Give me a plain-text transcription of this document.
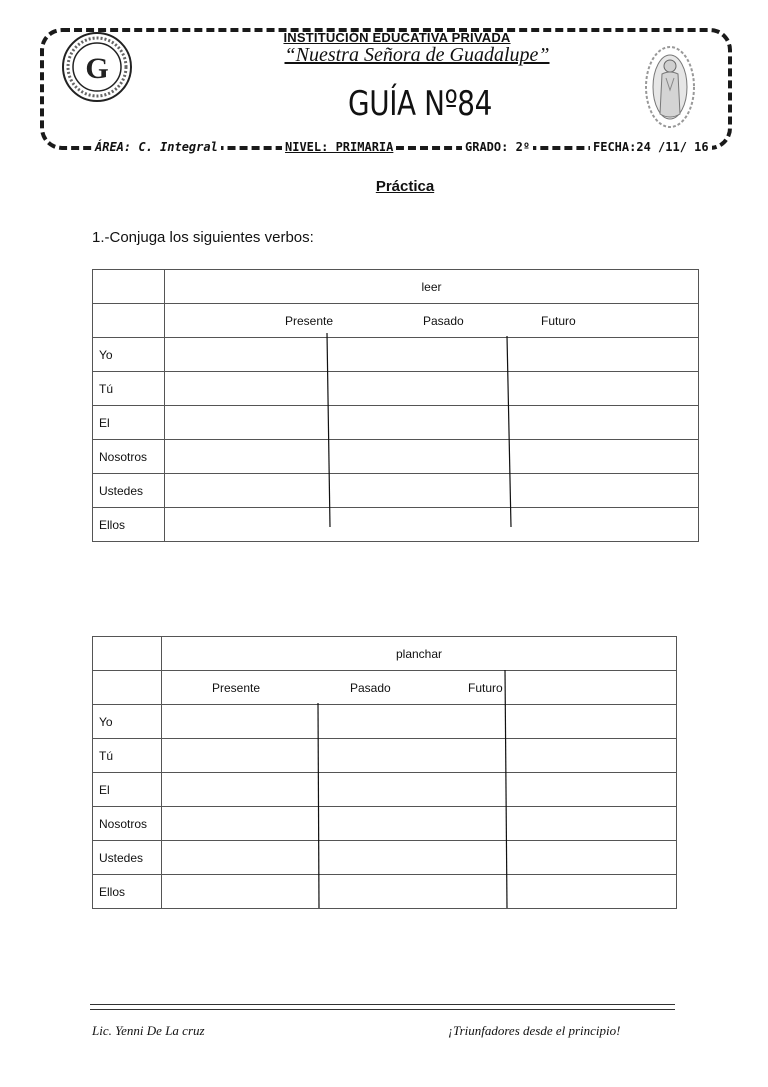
G
INSTITUCIÓN EDUCATIVA PRIVADA
“Nuestra Señora de Guadalupe”
GUÍA Nº84
ÁREA: C. Integral	NIVEL: PRIMARIA	GRADO: 2º	FECHA:24 /11/ 16
Práctica
1.-Conjuga los siguientes verbos:
	leer

	Presente Pasado Futuro

Yo	
Tú	
El	
Nosotros	
Ustedes	
Ellos	
	planchar

	Presente Pasado Futuro

Yo	
Tú	
El	
Nosotros	
Ustedes	
Ellos	
Lic. Yenni De La cruz	¡Triunfadores desde el principio!
